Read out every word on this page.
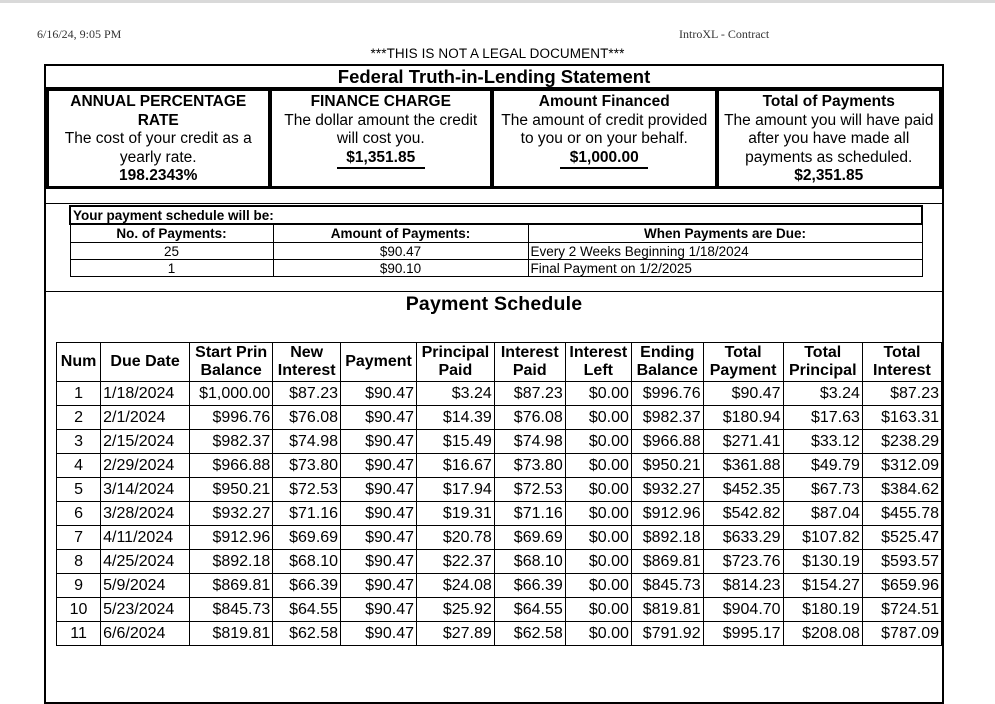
6/16/24, 9:05 PM	IntroXL - Contract
***THIS IS NOT A LEGAL DOCUMENT***
Federal Truth-in-Lending Statement
ANNUAL PERCENTAGE RATE
The cost of your credit as a yearly rate.
198.2343%
FINANCE CHARGE
The dollar amount the credit will cost you.
$1,351.85
Amount Financed
The amount of credit provided to you or on your behalf.
$1,000.00
Total of Payments
The amount you will have paid after you have made all payments as scheduled.
$2,351.85
Your payment schedule will be:		
No. of Payments:	Amount of Payments:	When Payments are Due:
25	$90.47	Every 2 Weeks Beginning 1/18/2024
1	$90.10	Final Payment on 1/2/2025
Payment Schedule
Num	Due Date	Start Prin Balance	New Interest	Payment	Principal Paid	Interest Paid	Interest Left	Ending Balance	Total Payment	Total Principal	Total Interest
1	1/18/2024	$1,000.00	$87.23	$90.47	$3.24	$87.23	$0.00	$996.76	$90.47	$3.24	$87.23
2	2/1/2024	$996.76	$76.08	$90.47	$14.39	$76.08	$0.00	$982.37	$180.94	$17.63	$163.31
3	2/15/2024	$982.37	$74.98	$90.47	$15.49	$74.98	$0.00	$966.88	$271.41	$33.12	$238.29
4	2/29/2024	$966.88	$73.80	$90.47	$16.67	$73.80	$0.00	$950.21	$361.88	$49.79	$312.09
5	3/14/2024	$950.21	$72.53	$90.47	$17.94	$72.53	$0.00	$932.27	$452.35	$67.73	$384.62
6	3/28/2024	$932.27	$71.16	$90.47	$19.31	$71.16	$0.00	$912.96	$542.82	$87.04	$455.78
7	4/11/2024	$912.96	$69.69	$90.47	$20.78	$69.69	$0.00	$892.18	$633.29	$107.82	$525.47
8	4/25/2024	$892.18	$68.10	$90.47	$22.37	$68.10	$0.00	$869.81	$723.76	$130.19	$593.57
9	5/9/2024	$869.81	$66.39	$90.47	$24.08	$66.39	$0.00	$845.73	$814.23	$154.27	$659.96
10	5/23/2024	$845.73	$64.55	$90.47	$25.92	$64.55	$0.00	$819.81	$904.70	$180.19	$724.51
11	6/6/2024	$819.81	$62.58	$90.47	$27.89	$62.58	$0.00	$791.92	$995.17	$208.08	$787.09
